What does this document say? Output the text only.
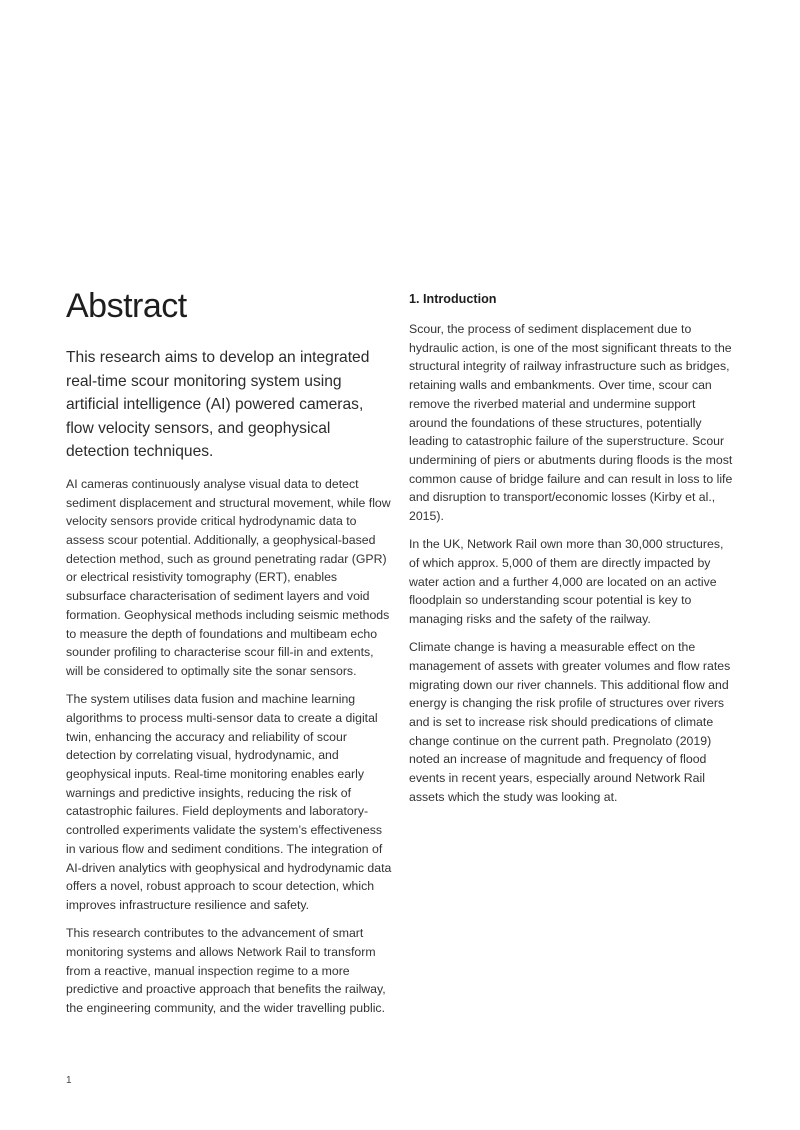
Abstract

This research aims to develop an integrated real-time scour monitoring system using artificial intelligence (AI) powered cameras, flow velocity sensors, and geophysical detection techniques.

AI cameras continuously analyse visual data to detect sediment displacement and structural movement, while flow velocity sensors provide critical hydrodynamic data to assess scour potential. Additionally, a geophysical-based detection method, such as ground penetrating radar (GPR) or electrical resistivity tomography (ERT), enables subsurface characterisation of sediment layers and void formation. Geophysical methods including seismic methods to measure the depth of foundations and multibeam echo sounder profiling to characterise scour fill-in and extents, will be considered to optimally site the sonar sensors.

The system utilises data fusion and machine learning algorithms to process multi-sensor data to create a digital twin, enhancing the accuracy and reliability of scour detection by correlating visual, hydrodynamic, and geophysical inputs. Real-time monitoring enables early warnings and predictive insights, reducing the risk of catastrophic failures. Field deployments and laboratory-controlled experiments validate the system’s effectiveness in various flow and sediment conditions. The integration of AI-driven analytics with geophysical and hydrodynamic data offers a novel, robust approach to scour detection, which improves infrastructure resilience and safety.

This research contributes to the advancement of smart monitoring systems and allows Network Rail to transform from a reactive, manual inspection regime to a more predictive and proactive approach that benefits the railway, the engineering community, and the wider travelling public.

1. Introduction

Scour, the process of sediment displacement due to hydraulic action, is one of the most significant threats to the structural integrity of railway infrastructure such as bridges, retaining walls and embankments. Over time, scour can remove the riverbed material and undermine support around the foundations of these structures, potentially leading to catastrophic failure of the superstructure. Scour undermining of piers or abutments during floods is the most common cause of bridge failure and can result in loss to life and disruption to transport/economic losses (Kirby et al., 2015).

In the UK, Network Rail own more than 30,000 structures, of which approx. 5,000 of them are directly impacted by water action and a further 4,000 are located on an active floodplain so understanding scour potential is key to managing risks and the safety of the railway.

Climate change is having a measurable effect on the management of assets with greater volumes and flow rates migrating down our river channels. This additional flow and energy is changing the risk profile of structures over rivers and is set to increase risk should predications of climate change continue on the current path. Pregnolato (2019) noted an increase of magnitude and frequency of flood events in recent years, especially around Network Rail assets which the study was looking at.

1
